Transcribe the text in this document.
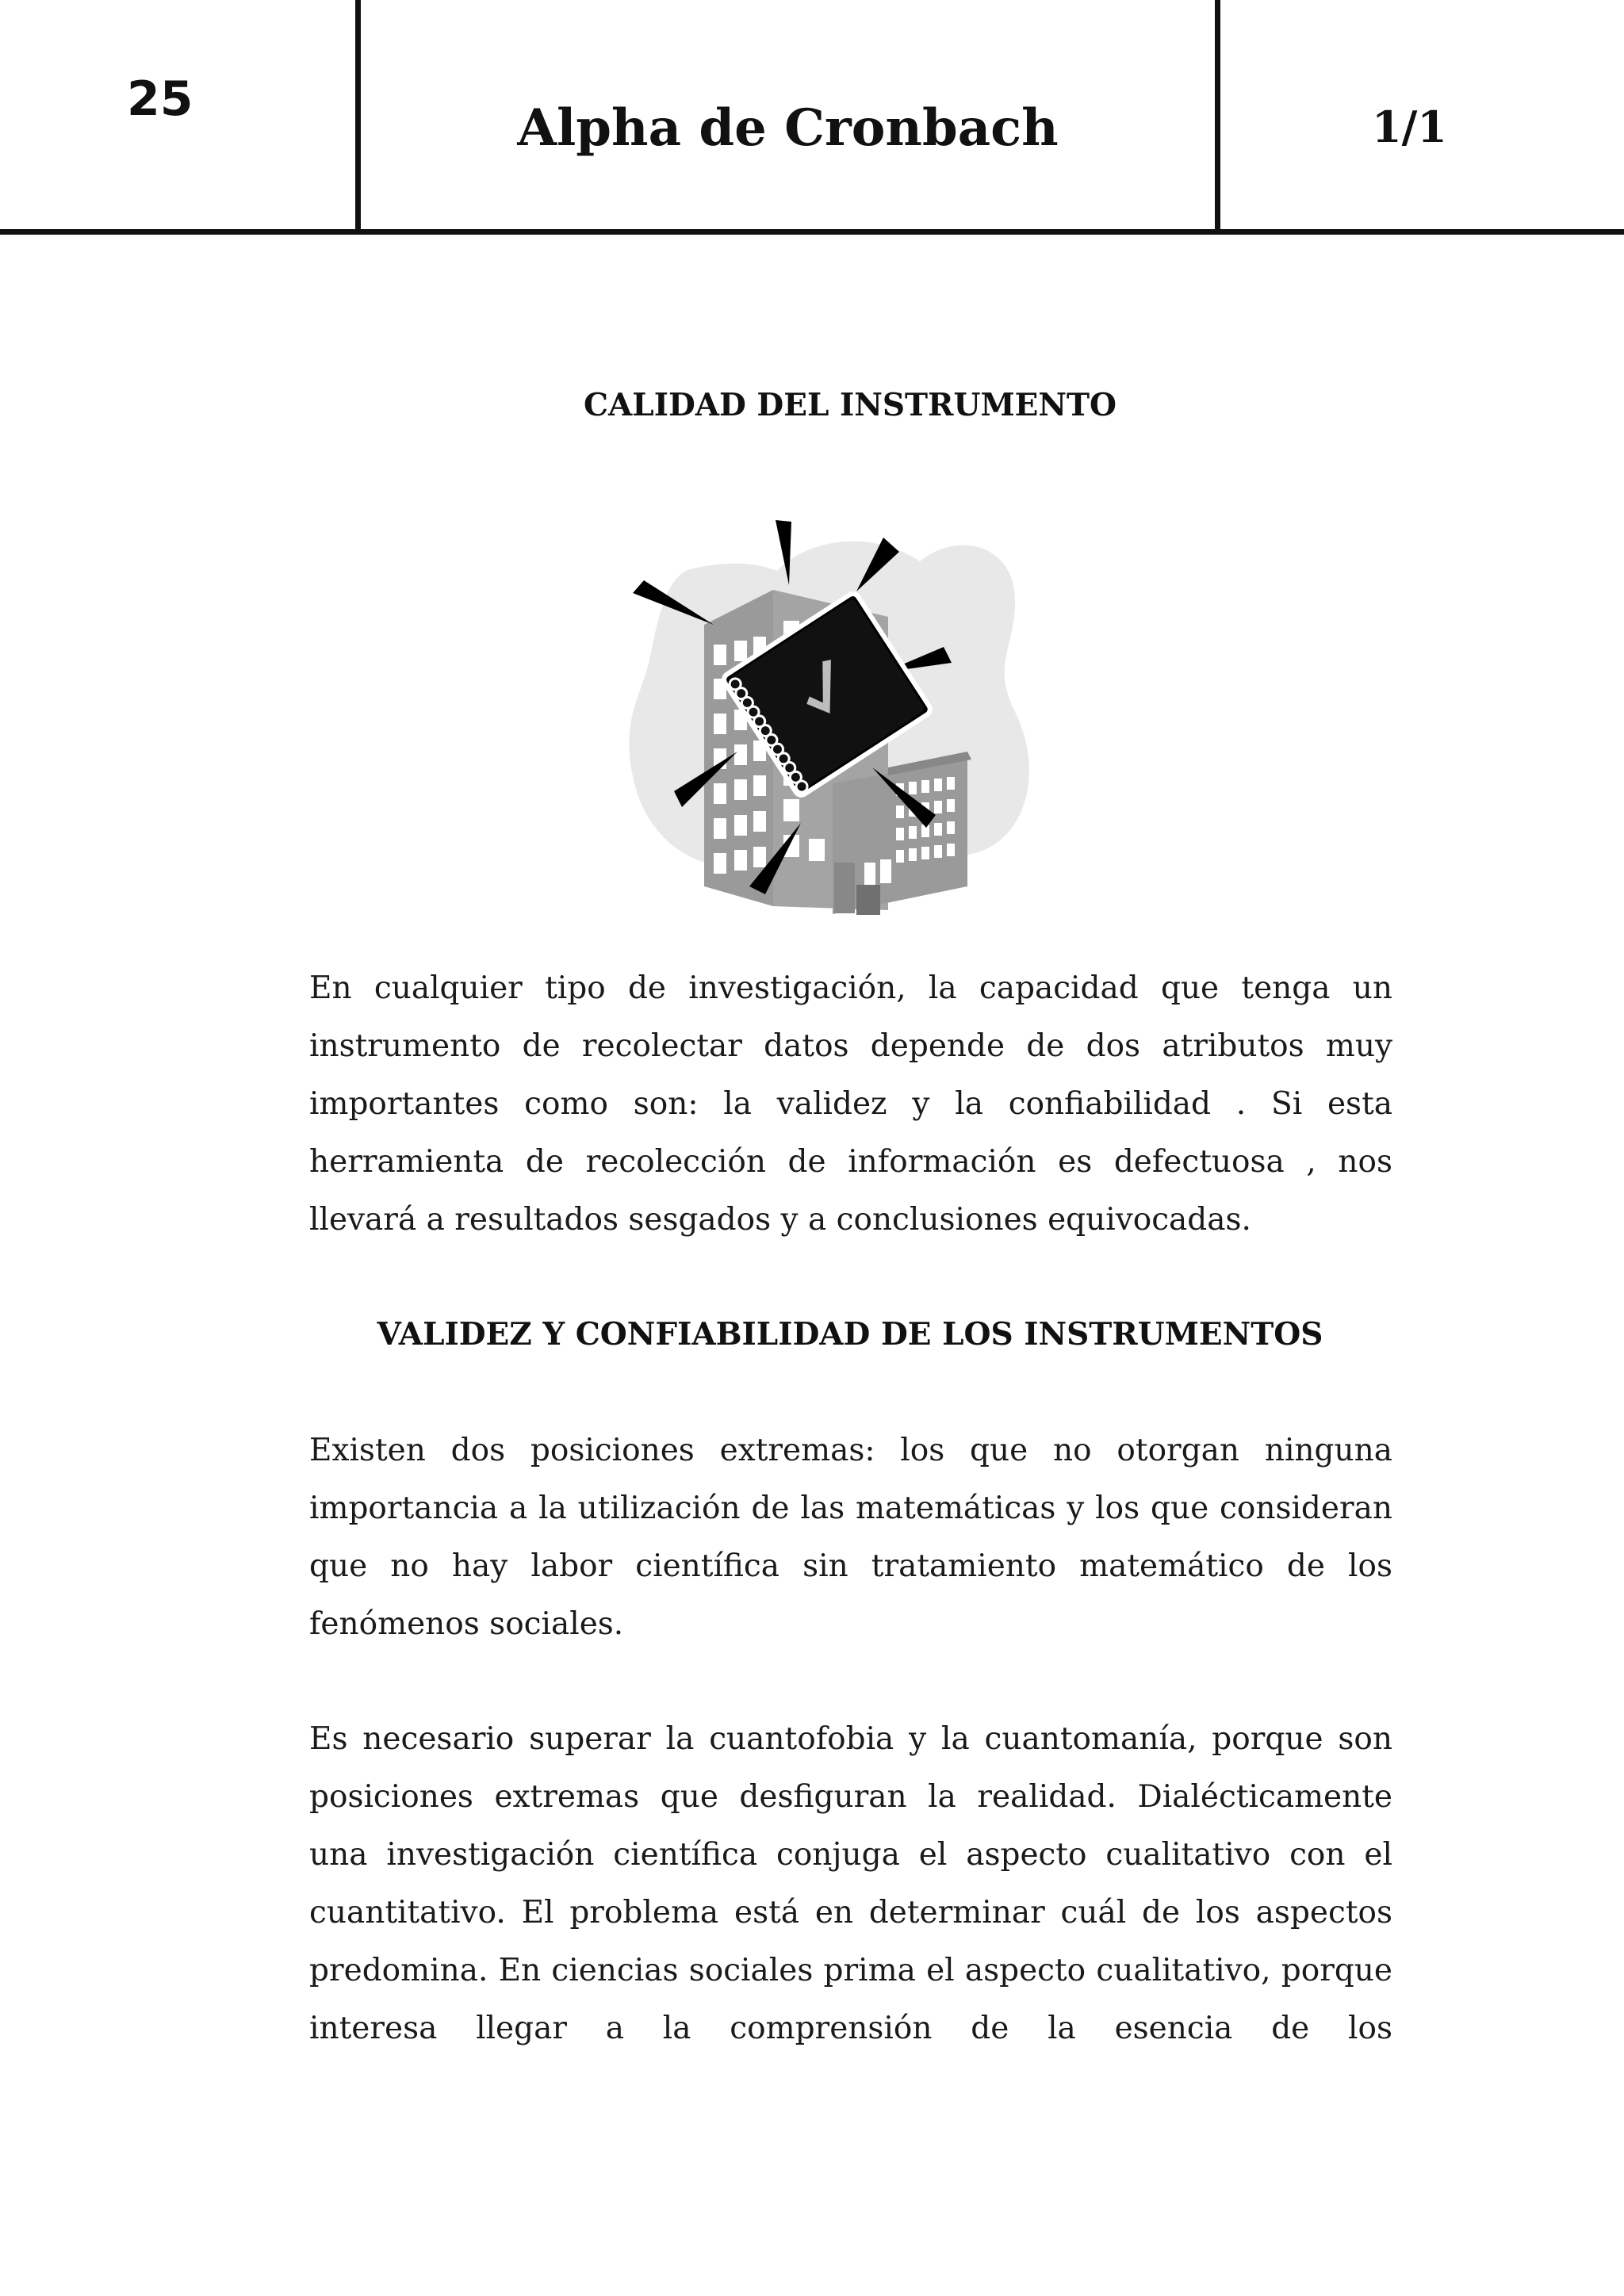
25	Alpha de Cronbach	1/1
CALIDAD DEL INSTRUMENTO

En cualquier tipo de investigación, la capacidad que tenga un instrumento de recolectar datos depende de dos atributos muy importantes como son: la validez y la confiabilidad . Si esta herramienta de recolección de información es defectuosa , nos llevará a resultados sesgados y a conclusiones equivocadas.

VALIDEZ Y CONFIABILIDAD DE LOS INSTRUMENTOS

Existen dos posiciones extremas: los que no otorgan ninguna importancia a la utilización de las matemáticas y los que consideran que no hay labor científica sin tratamiento matemático de los fenómenos sociales.

Es necesario superar la cuantofobia y la cuantomanía, porque son posiciones extremas que desfiguran la realidad. Dialécticamente una investigación científica conjuga el aspecto cualitativo con el cuantitativo. El problema está en determinar cuál de los aspectos predomina. En ciencias sociales prima el aspecto cualitativo, porque interesa llegar a la comprensión de la esencia de los
